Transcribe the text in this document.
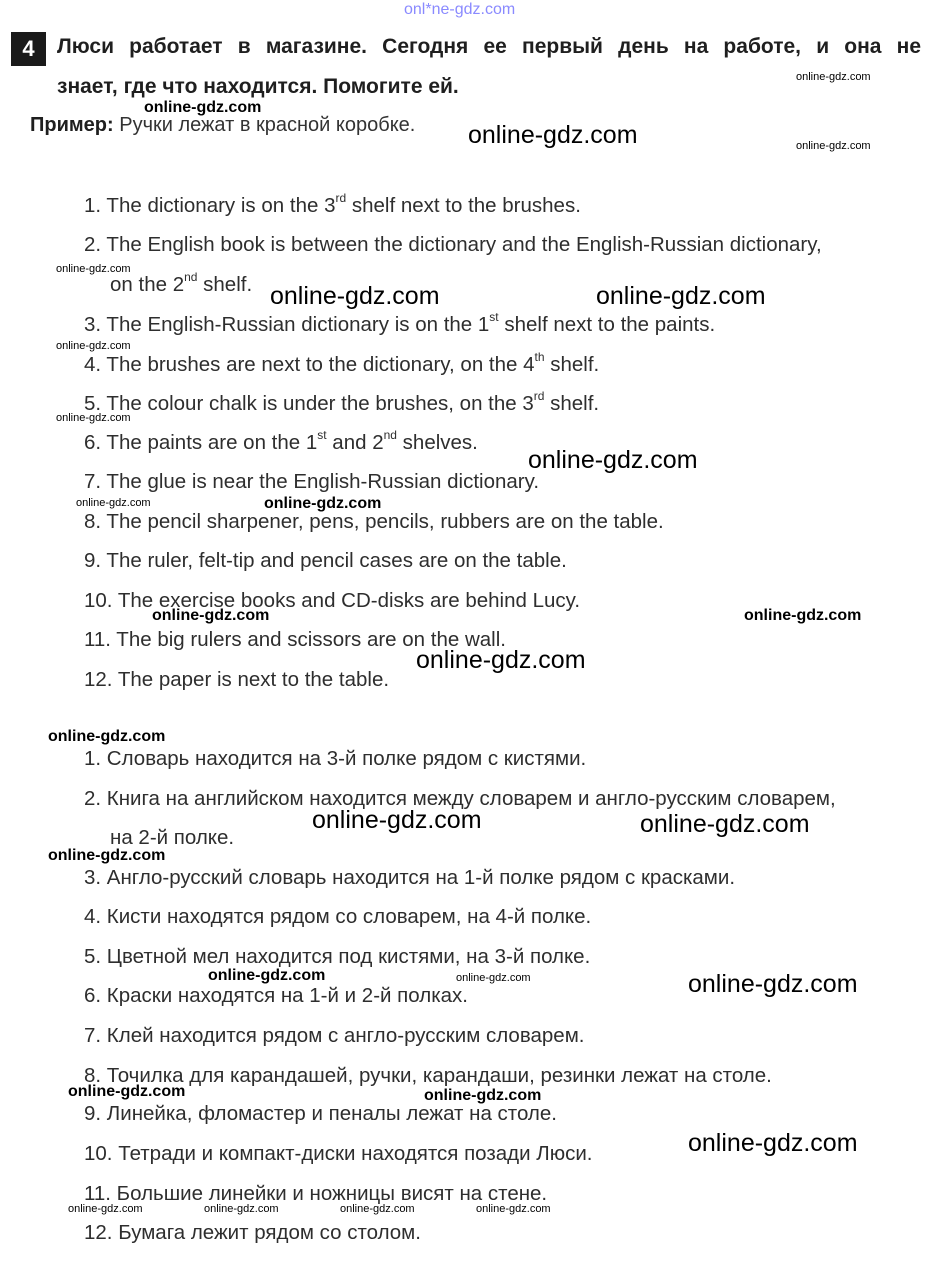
onl*ne-gdz.com
4	Люси работает в магазине. Сегодня ее первый день на работе, и она не
знает, где что находится. Помогите ей.
Пример: Ручки лежат в красной коробке.
1. The dictionary is on the 3rd shelf next to the brushes.
2. The English book is between the dictionary and the English-Russian dictionary,
on the 2nd shelf.
3. The English-Russian dictionary is on the 1st shelf next to the paints.
4. The brushes are next to the dictionary, on the 4th shelf.
5. The colour chalk is under the brushes, on the 3rd shelf.
6. The paints are on the 1st and 2nd shelves.
7. The glue is near the English-Russian dictionary.
8. The pencil sharpener, pens, pencils, rubbers are on the table.
9. The ruler, felt-tip and pencil cases are on the table.
10. The exercise books and CD-disks are behind Lucy.
11. The big rulers and scissors are on the wall.
12. The paper is next to the table.
1. Словарь находится на 3-й полке рядом с кистями.
2. Книга на английском находится между словарем и англо-русским словарем,
на 2-й полке.
3. Англо-русский словарь находится на 1-й полке рядом с красками.
4. Кисти находятся рядом со словарем, на 4-й полке.
5. Цветной мел находится под кистями, на 3-й полке.
6. Краски находятся на 1-й и 2-й полках.
7. Клей находится рядом с англо-русским словарем.
8. Точилка для карандашей, ручки, карандаши, резинки лежат на столе.
9. Линейка, фломастер и пеналы лежат на столе.
10. Тетради и компакт-диски находятся позади Люси.
11. Большие линейки и ножницы висят на стене.
12. Бумага лежит рядом со столом.
online-gdz.com
online-gdz.com
online-gdz.com	online-gdz.com
online-gdz.com
online-gdz.com	online-gdz.com
online-gdz.com
online-gdz.com
online-gdz.com
online-gdz.com	online-gdz.com
online-gdz.com	online-gdz.com
online-gdz.com
online-gdz.com
online-gdz.com	online-gdz.com
online-gdz.com
online-gdz.com	online-gdz.com	online-gdz.com
online-gdz.com	online-gdz.com
online-gdz.com
online-gdz.com	online-gdz.com	online-gdz.com	online-gdz.com
